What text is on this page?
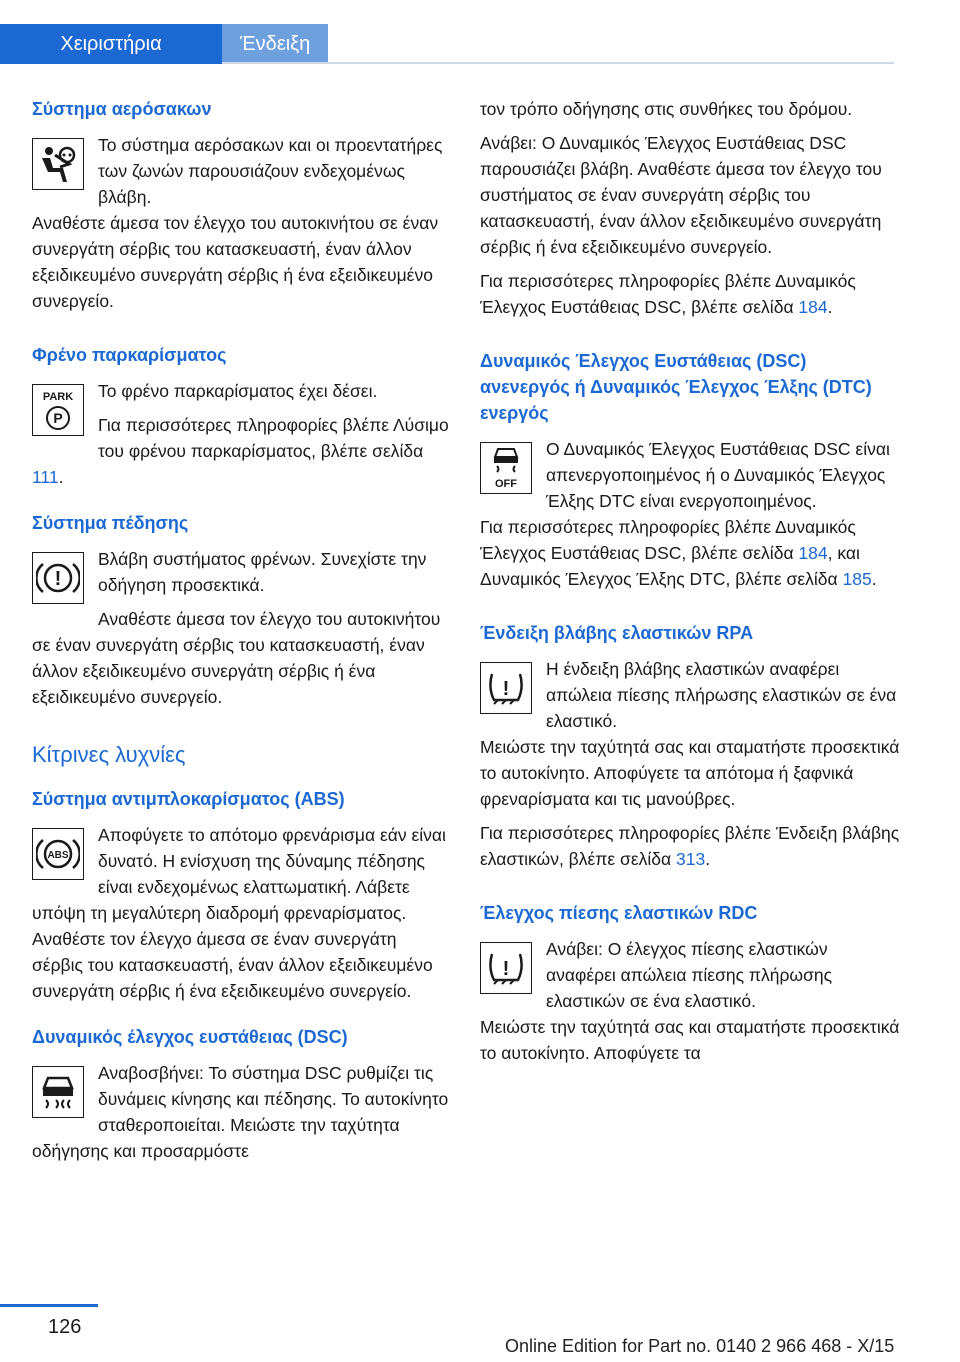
Χειριστήρια	Ένδειξη
Σύστημα αερόσακων
Το σύστημα αερόσακων και οι προεντατήρες των ζωνών παρουσιάζουν ενδεχομένως βλάβη.
Αναθέστε άμεσα τον έλεγχο του αυτοκινήτου σε έναν συνεργάτη σέρβις του κατασκευαστή, έναν άλλον εξειδικευμένο συνεργάτη σέρβις ή ένα εξειδικευμένο συνεργείο.
Φρένο παρκαρίσματος
PARK
P
Το φρένο παρκαρίσματος έχει δέσει.
Για περισσότερες πληροφορίες βλέπε Λύσιμο του φρένου παρκαρίσματος, βλέπε σελίδα 111.
Σύστημα πέδησης
!
Βλάβη συστήματος φρένων. Συνεχίστε την οδήγηση προσεκτικά.
Αναθέστε άμεσα τον έλεγχο του αυτοκινήτου σε έναν συνεργάτη σέρβις του κατασκευαστή, έναν άλλον εξειδικευμένο συνεργάτη σέρβις ή ένα εξειδικευμένο συνεργείο.
Κίτρινες λυχνίες
Σύστημα αντιμπλοκαρίσματος (ABS)
ABS
Αποφύγετε το απότομο φρενάρισμα εάν είναι δυνατό. Η ενίσχυση της δύναμης πέδησης είναι ενδεχομένως ελαττωματική. Λάβετε υπόψη τη μεγαλύτερη διαδρομή φρεναρίσματος. Αναθέστε τον έλεγχο άμεσα σε έναν συνεργάτη σέρβις του κατασκευαστή, έναν άλλον εξειδικευμένο συνεργάτη σέρβις ή ένα εξειδικευμένο συνεργείο.
Δυναμικός έλεγχος ευστάθειας (DSC)
Αναβοσβήνει: Το σύστημα DSC ρυθμίζει τις δυνάμεις κίνησης και πέδησης. Το αυτοκίνητο σταθεροποιείται. Μειώστε την ταχύτητα οδήγησης και προσαρμόστε
τον τρόπο οδήγησης στις συνθήκες του δρόμου.
Ανάβει: Ο Δυναμικός Έλεγχος Ευστάθειας DSC παρουσιάζει βλάβη. Αναθέστε άμεσα τον έλεγχο του συστήματος σε έναν συνεργάτη σέρβις του κατασκευαστή, έναν άλλον εξειδικευμένο συνεργάτη σέρβις ή ένα εξειδικευμένο συνεργείο.
Για περισσότερες πληροφορίες βλέπε Δυναμικός Έλεγχος Ευστάθειας DSC, βλέπε σελίδα 184.
Δυναμικός Έλεγχος Ευστάθειας (DSC) ανενεργός ή Δυναμικός Έλεγχος Έλξης (DTC) ενεργός
OFF
Ο Δυναμικός Έλεγχος Ευστάθειας DSC είναι απενεργοποιημένος ή ο Δυναμικός Έλεγχος Έλξης DTC είναι ενεργοποιημένος.
Για περισσότερες πληροφορίες βλέπε Δυναμικός Έλεγχος Ευστάθειας DSC, βλέπε σελίδα 184, και Δυναμικός Έλεγχος Έλξης DTC, βλέπε σελίδα 185.
Ένδειξη βλάβης ελαστικών RPA
!
Η ένδειξη βλάβης ελαστικών αναφέρει απώλεια πίεσης πλήρωσης ελαστικών σε ένα ελαστικό.
Μειώστε την ταχύτητά σας και σταματήστε προσεκτικά το αυτοκίνητο. Αποφύγετε τα απότομα ή ξαφνικά φρεναρίσματα και τις μανούβρες.
Για περισσότερες πληροφορίες βλέπε Ένδειξη βλάβης ελαστικών, βλέπε σελίδα 313.
Έλεγχος πίεσης ελαστικών RDC
!
Ανάβει: Ο έλεγχος πίεσης ελαστικών αναφέρει απώλεια πίεσης πλήρωσης ελαστικών σε ένα ελαστικό.
Μειώστε την ταχύτητά σας και σταματήστε προσεκτικά το αυτοκίνητο. Αποφύγετε τα
126
Online Edition for Part no. 0140 2 966 468 - X/15
